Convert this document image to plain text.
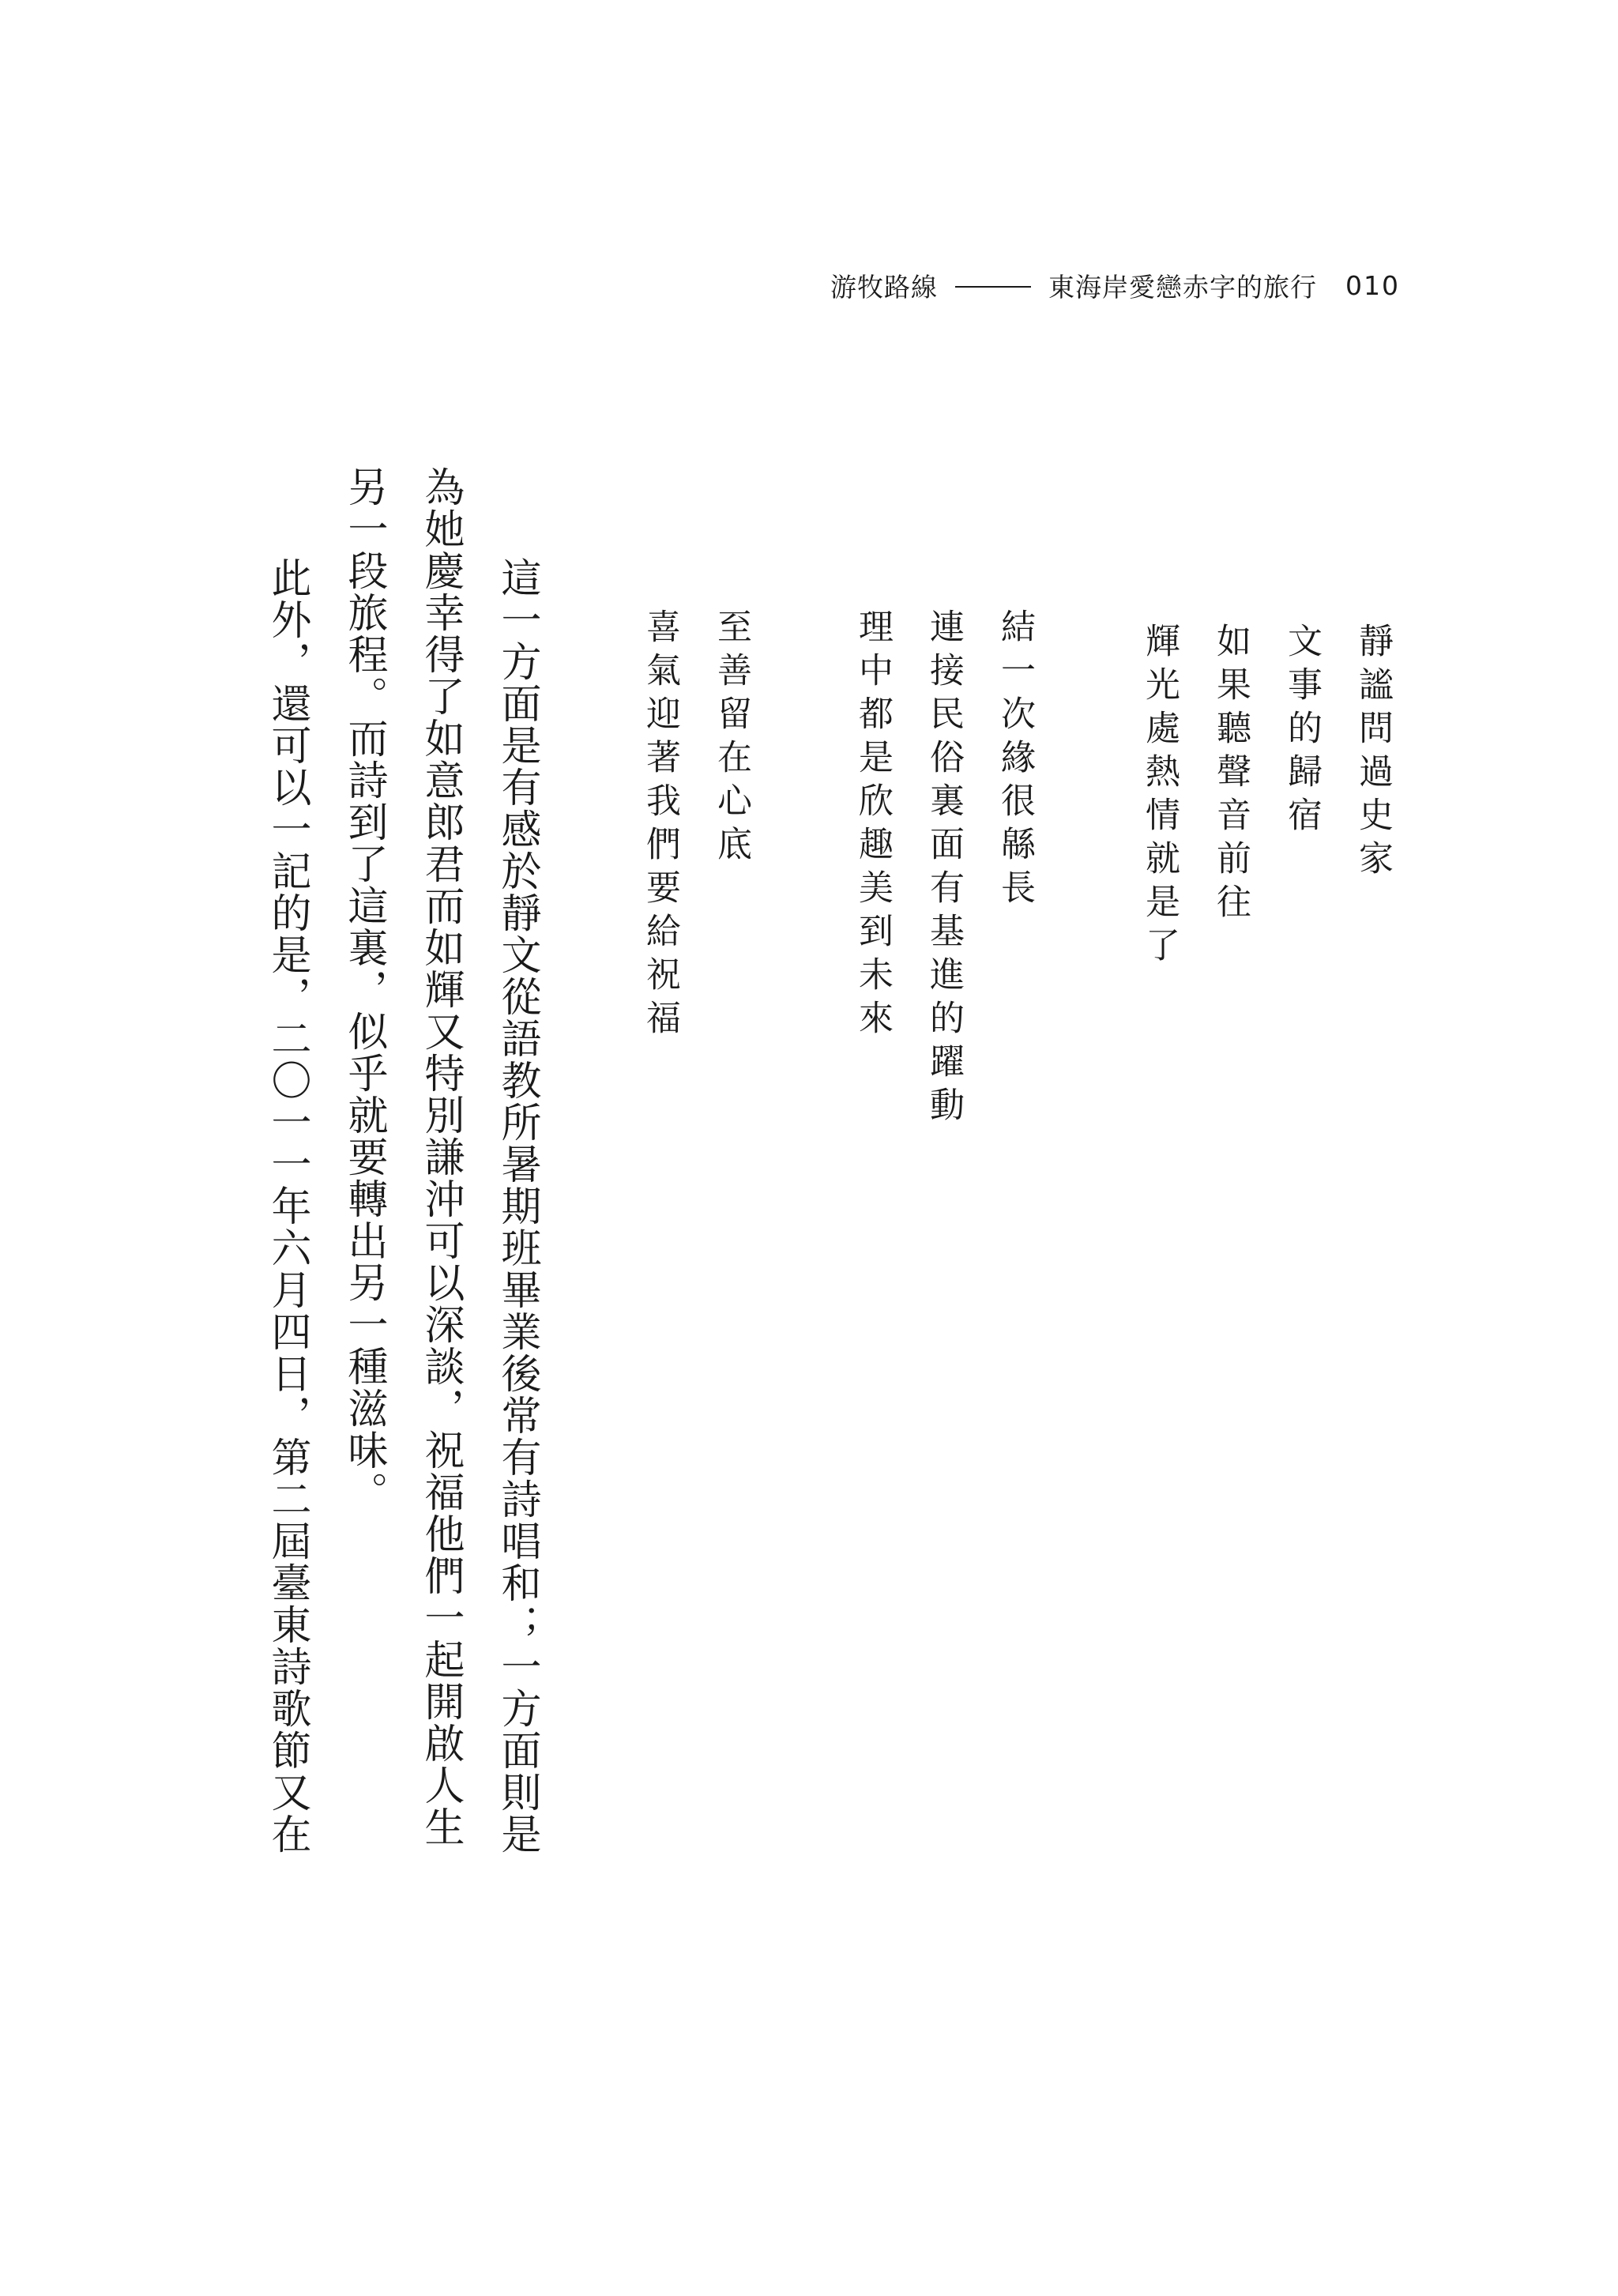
游牧路線	東海岸愛戀赤字的旅行 010
靜謐問過史家
文事的歸宿
如果聽聲音前往
輝光處熱情就是了
結一次緣很緜長
連接民俗裏面有基進的躍動
理中都是欣趣美到未來
至善留在心底
喜氣迎著我們要給祝福
這一方面是有感於靜文從語教所暑期班畢業後常有詩唱和；一方面則是
為她慶幸得了如意郎君而如輝又特別謙沖可以深談，祝福他們一起開啟人生
另一段旅程。而詩到了這裏，似乎就要轉出另一種滋味。
此外，還可以一記的是，二〇一一年六月四日，第二屆臺東詩歌節又在
